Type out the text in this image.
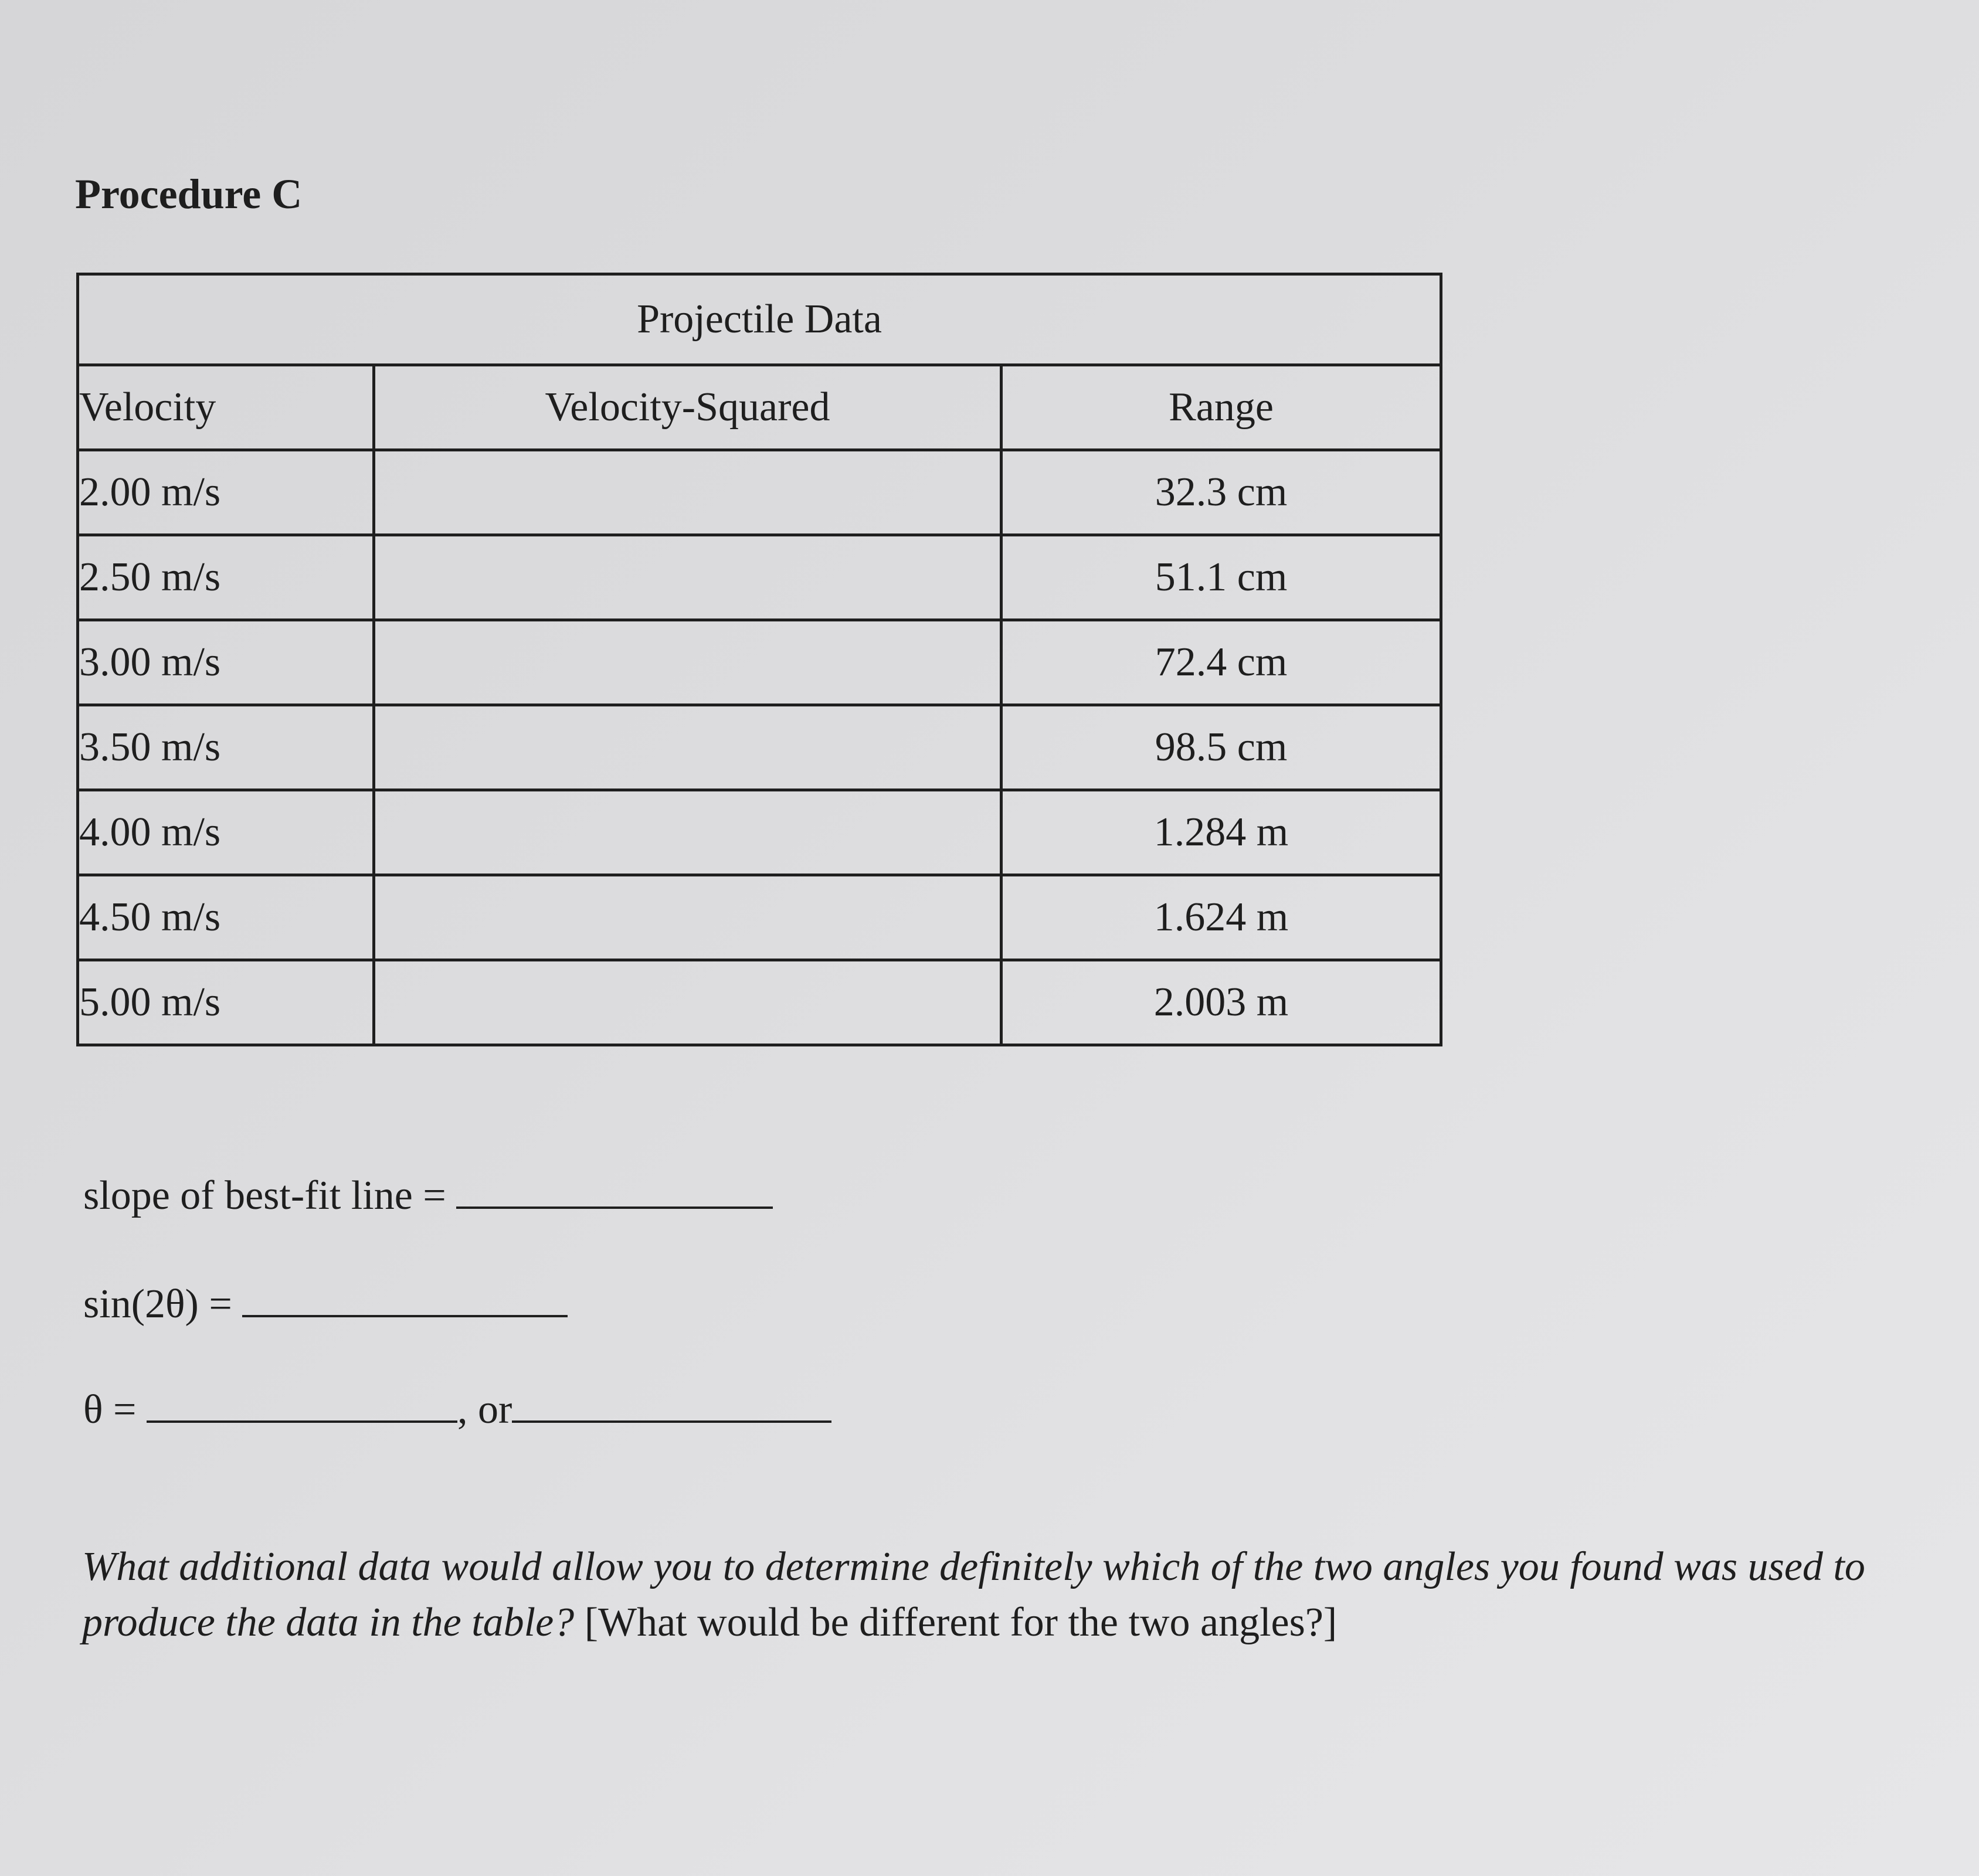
Procedure C
Projectile Data		
Velocity	Velocity-Squared	Range
2.00 m/s		32.3 cm
2.50 m/s		51.1 cm
3.00 m/s		72.4 cm
3.50 m/s		98.5 cm
4.00 m/s		1.284 m
4.50 m/s		1.624 m
5.00 m/s		2.003 m
slope of best-fit line =
sin(2θ) =
θ =	, or

What additional data would allow you to determine definitely which of the two angles you found was used to produce the data in the table? [What would be different for the two angles?]
